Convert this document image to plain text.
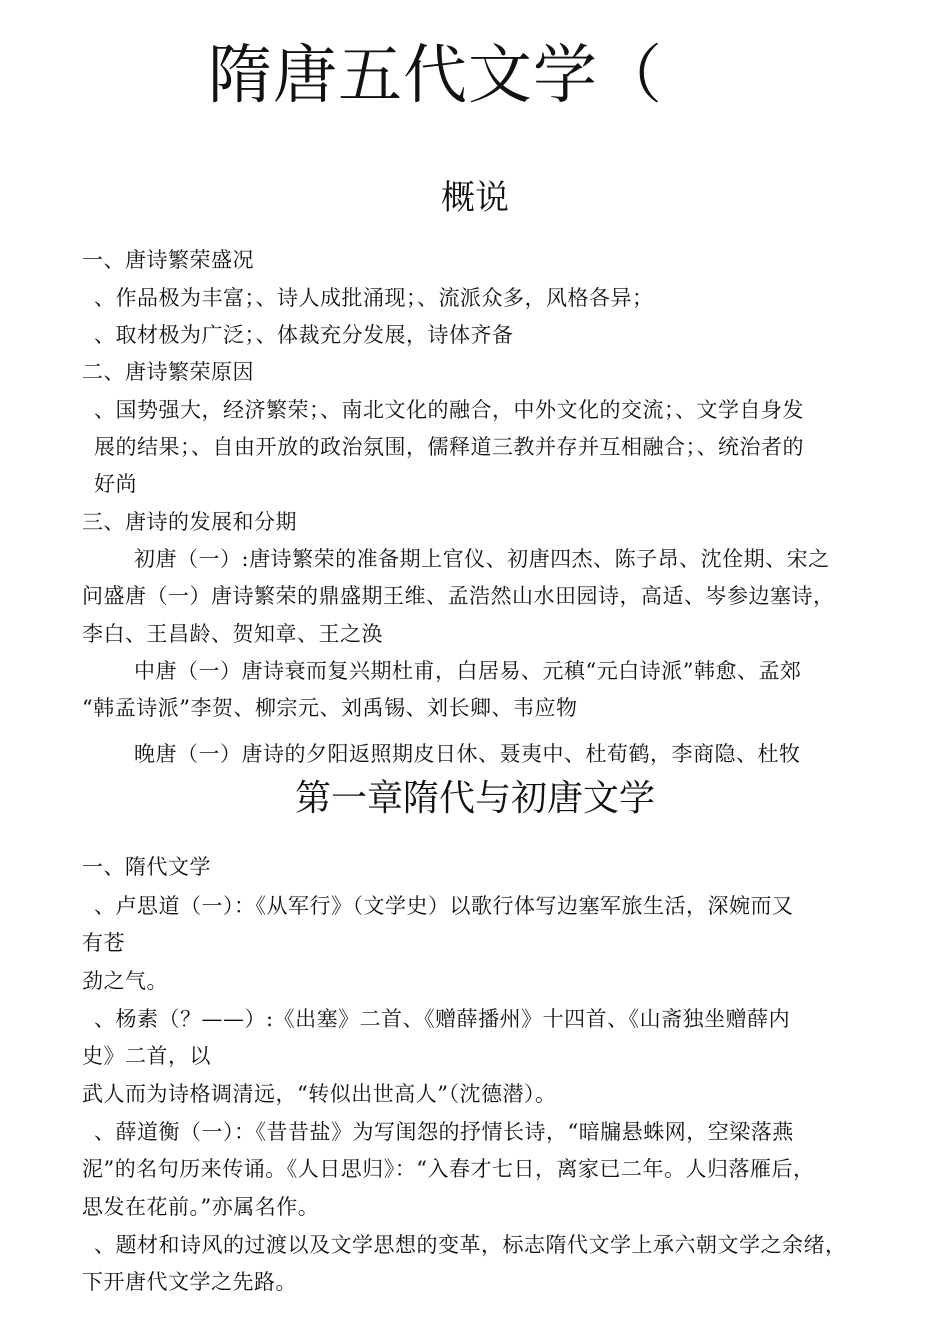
隋唐五代文学（
概说
一、唐诗繁荣盛况
、作品极为丰富；、诗人成批涌现；、流派众多，风格各异；
、取材极为广泛；、体裁充分发展，诗体齐备
二、唐诗繁荣原因
、国势强大，经济繁荣；、南北文化的融合，中外文化的交流；、文学自身发
展的结果；、自由开放的政治氛围，儒释道三教并存并互相融合；、统治者的
好尚
三、唐诗的发展和分期
初唐（一）:唐诗繁荣的准备期上官仪、初唐四杰、陈子昂、沈佺期、宋之
问盛唐（一）唐诗繁荣的鼎盛期王维、孟浩然山水田园诗，高适、岑参边塞诗，
李白、王昌龄、贺知章、王之涣
中唐（一）唐诗衰而复兴期杜甫，白居易、元稹“元白诗派”韩愈、孟郊
“韩孟诗派”李贺、柳宗元、刘禹锡、刘长卿、韦应物
晚唐（一）唐诗的夕阳返照期皮日休、聂夷中、杜荀鹤，李商隐、杜牧
第一章隋代与初唐文学
一、隋代文学
、卢思道（一）：《从军行》（文学史）以歌行体写边塞军旅生活，深婉而又
有苍
劲之气。
、杨素（？——）:《出塞》二首、《赠薛播州》十四首、《山斋独坐赠薛内
史》二首，以
武人而为诗格调清远，“转似出世高人”（沈德潜）。
、薛道衡（一）：《昔昔盐》为写闺怨的抒情长诗，“暗牖悬蛛网，空梁落燕
泥”的名句历来传诵。《人日思归》：“入春才七日，离家已二年。人归落雁后，
思发在花前。”亦属名作。
、题材和诗风的过渡以及文学思想的变革，标志隋代文学上承六朝文学之余绪，
下开唐代文学之先路。
